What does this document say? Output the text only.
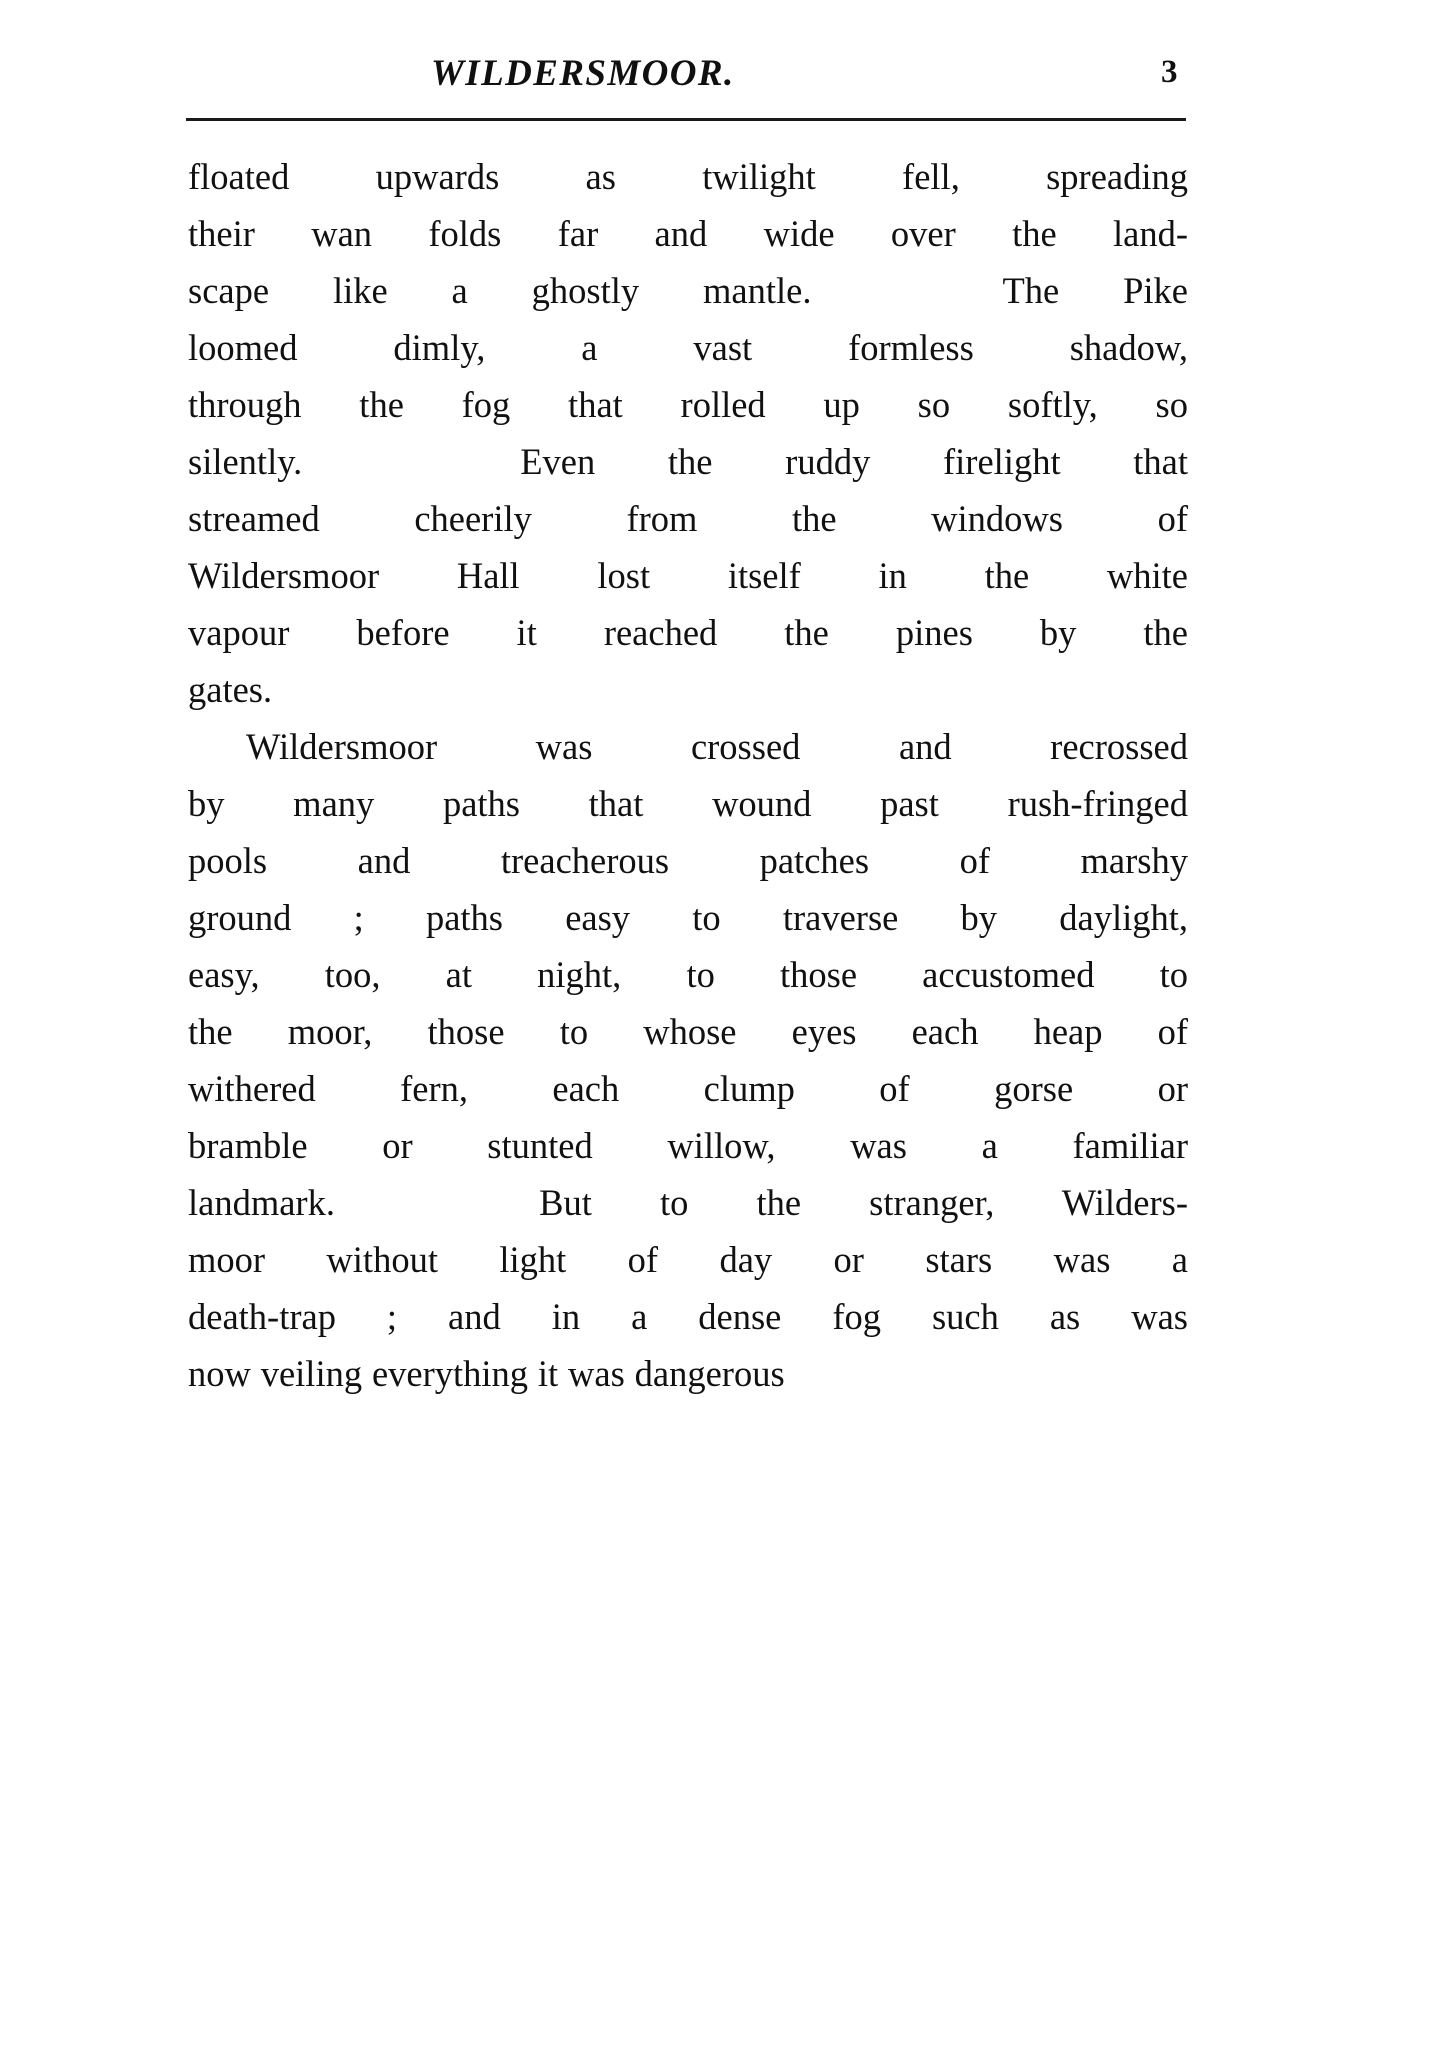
WILDERSMOOR.	3

floated upwards as twilight fell, spreading
their wan folds far and wide over the land-
scape like a ghostly mantle.   The Pike
loomed dimly, a vast formless shadow,
through the fog that rolled up so softly, so
silently.   Even the ruddy firelight that
streamed cheerily from the windows of
Wildersmoor Hall lost itself in the white
vapour before it reached the pines by the
gates.

Wildersmoor was crossed and recrossed
by many paths that wound past rush-fringed
pools and treacherous patches of marshy
ground ; paths easy to traverse by daylight,
easy, too, at night, to those accustomed to
the moor, those to whose eyes each heap of
withered fern, each clump of gorse or
bramble or stunted willow, was a familiar
landmark.   But to the stranger, Wilders-
moor without light of day or stars was a
death-trap ; and in a dense fog such as was
now veiling everything it was dangerous
